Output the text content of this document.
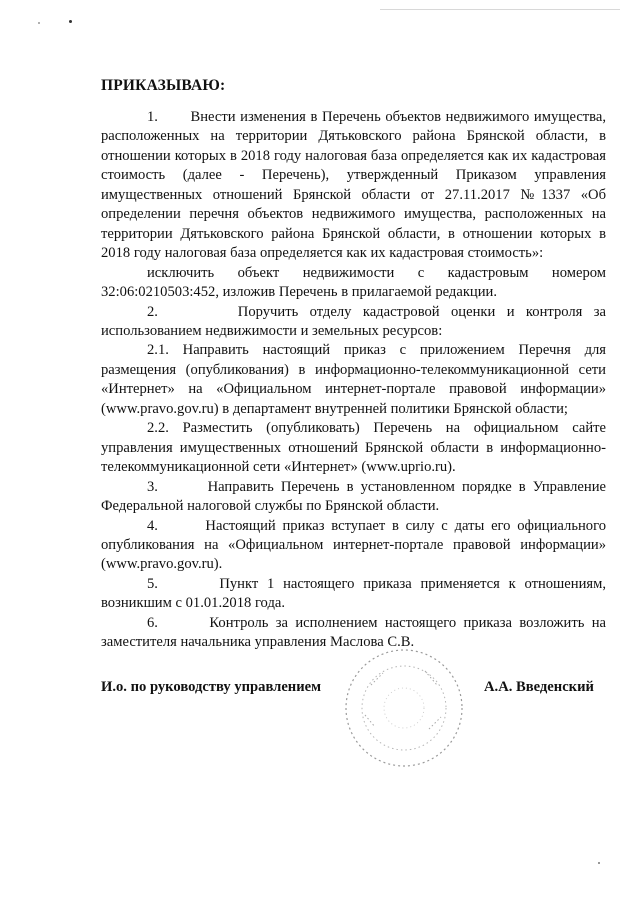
ПРИКАЗЫВАЮ:

1.       Внести изменения в Перечень объектов недвижимого имущества, расположенных на территории Дятьковского района Брянской области, в отношении которых в 2018 году налоговая база определяется как их кадастровая стоимость (далее - Перечень), утвержденный Приказом управления имущественных отношений Брянской области от 27.11.2017 №1337 «Об определении перечня объектов недвижимого имущества, расположенных на территории Дятьковского района Брянской области, в отношении которых в 2018 году налоговая база определяется как их кадастровая стоимость»:

исключить объект недвижимости с кадастровым номером 32:06:0210503:452, изложив Перечень в прилагаемой редакции.

2.       Поручить отделу кадастровой оценки и контроля за использованием недвижимости и земельных ресурсов:

2.1. Направить настоящий приказ с приложением Перечня для размещения (опубликования) в информационно-телекоммуникационной сети «Интернет» на «Официальном интернет-портале правовой информации» (www.pravo.gov.ru) в департамент внутренней политики Брянской области;

2.2. Разместить (опубликовать) Перечень на официальном сайте управления имущественных отношений Брянской области в информационно-телекоммуникационной сети «Интернет» (www.uprio.ru).

3.       Направить Перечень в установленном порядке в Управление Федеральной налоговой службы по Брянской области.

4.       Настоящий приказ вступает в силу с даты его официального опубликования на «Официальном интернет-портале правовой информации» (www.pravo.gov.ru).

5.       Пункт 1 настоящего приказа применяется к отношениям, возникшим с 01.01.2018 года.

6.       Контроль за исполнением настоящего приказа возложить на заместителя начальника управления Маслова С.В.

И.о. по руководству управлением	А.А. Введенский
